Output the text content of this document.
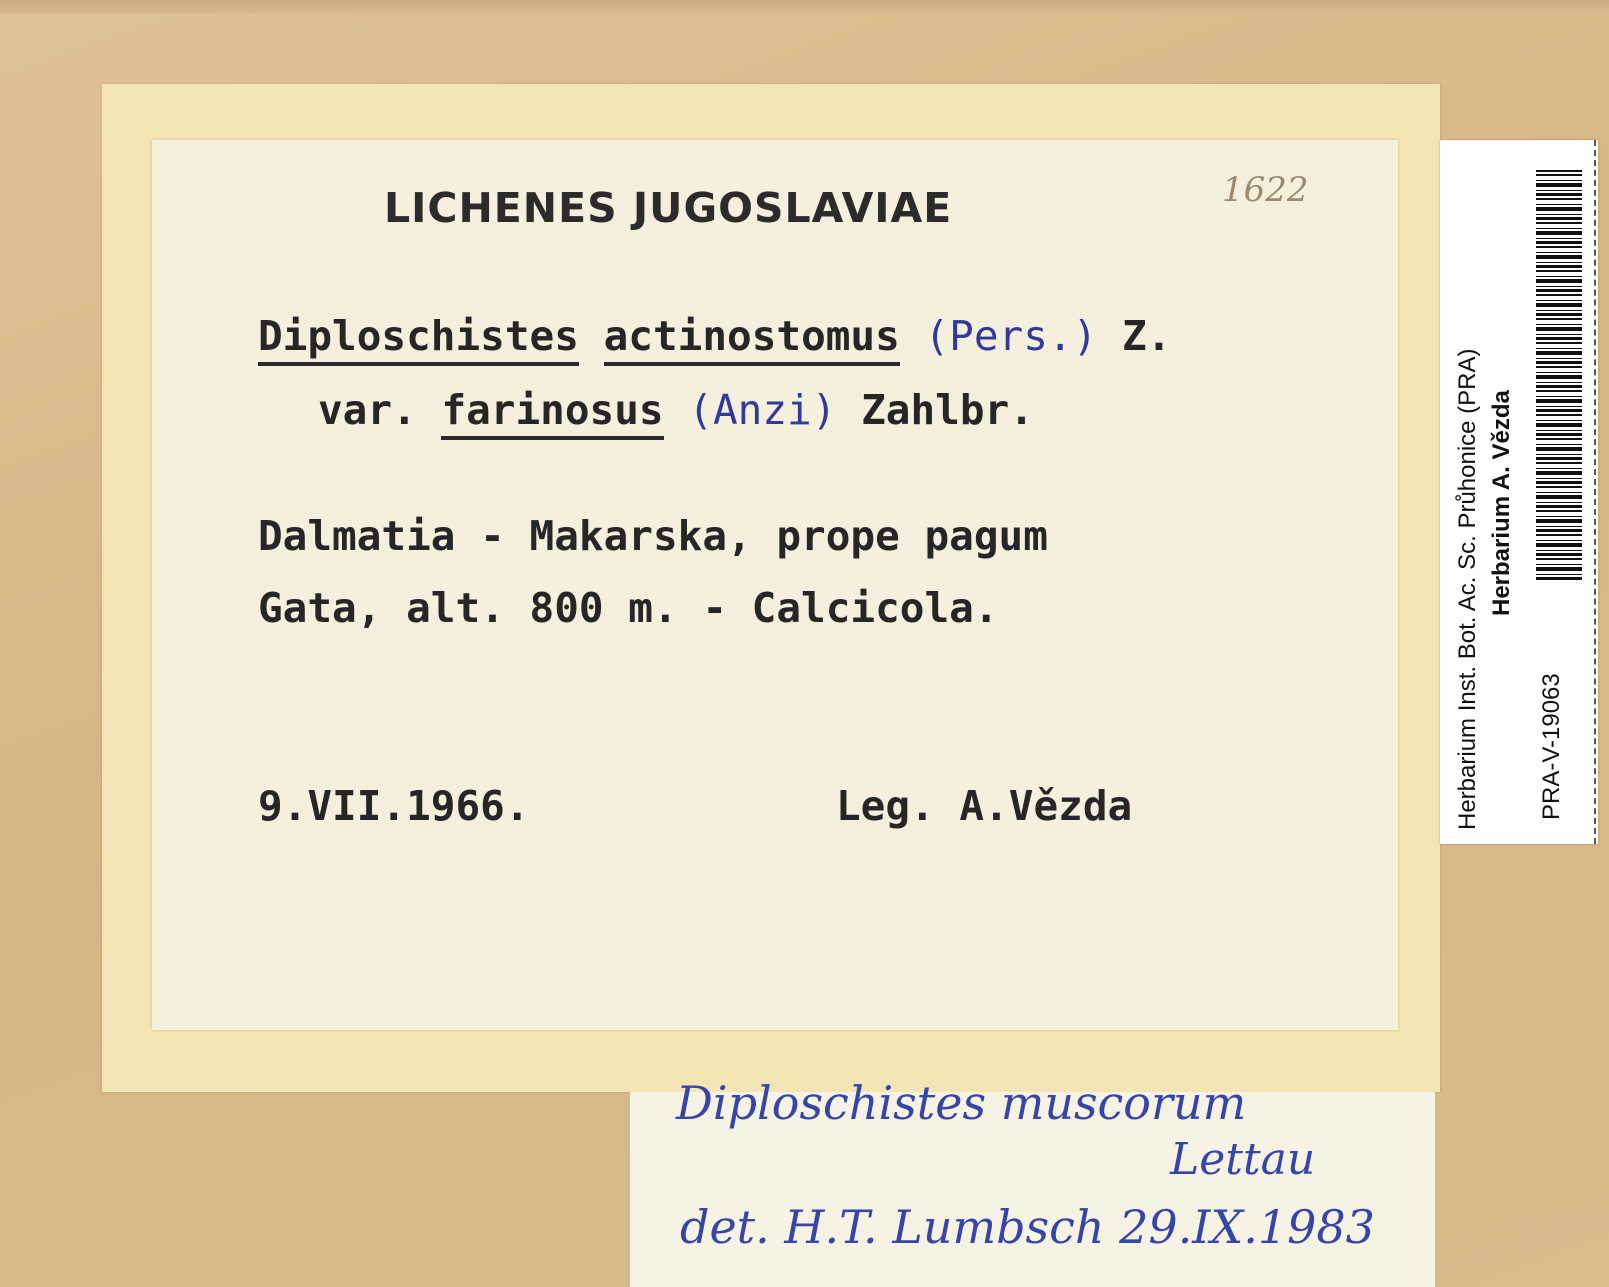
LICHENES JUGOSLAVIAE	1622
Diploschistes actinostomus (Pers.) Z.
var. farinosus (Anzi) Zahlbr.
Dalmatia - Makarska, prope pagum
Gata, alt. 800 m. - Calcicola.
9.VII.1966.	Leg. A.Vězda	Herbarium Inst. Bot. Ac. Sc. Průhonice (PRA) Herbarium A. Vězda
PRA-V-19063
Diploschistes muscorum
Lettau
det. H.T. Lumbsch 29.IX.1983
